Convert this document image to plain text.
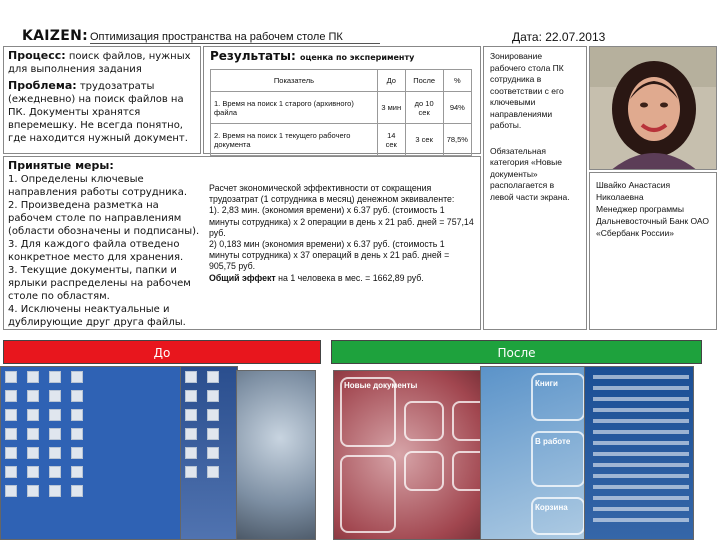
KAIZEN: Оптимизация пространства на рабочем столе ПК	Дата: 22.07.2013
Процесс: поиск файлов, нужных для выполнения задания
Проблема: трудозатраты (ежедневно) на поиск файлов на ПК. Документы хранятся вперемешку. Не всегда понятно, где находится нужный документ.
Результаты: оценка по эксперименту
Показатель	До	После	%
1. Время на поиск 1 старого (архивного) файла	3 мин	до 10 сек	94%
2. Время на поиск 1 текущего рабочего документа	14 сек	3 сек	78,5%
Принятые меры:
1. Определены ключевые направления работы сотрудника.
2. Произведена разметка на рабочем столе по направлениям (области обозначены и подписаны).
3. Для каждого файла отведено конкретное место для хранения.
3. Текущие документы, папки и ярлыки распределены на рабочем столе по областям.
4. Исключены неактуальные и дублирующие друг друга файлы.

Расчет экономической эффективности от сокращения трудозатрат (1 сотрудника в месяц) денежном эквиваленте:

1). 2,83 мин. (экономия времени) х 6.37 руб. (стоимость 1 минуты сотрудника) х 2 операции в день х 21 раб. дней = 757,14 руб.

2) 0,183 мин (экономия времени) х 6.37 руб. (стоимость 1 минуты сотрудника) х 37 операций в день х 21 раб. дней = 905,75 руб.

Общий эффект на 1 человека в мес. = 1662,89 руб.

Зонирование рабочего стола ПК сотрудника в соответствии с его ключевыми направлениями работы.
Обязательная категория «Новые документы» располагается в левой части экрана.
Швайко Анастасия Николаевна
Менеджер программы
Дальневосточный Банк ОАО «Сбербанк России»
До	После
Новые документы	Книги
В работе
Корзина
